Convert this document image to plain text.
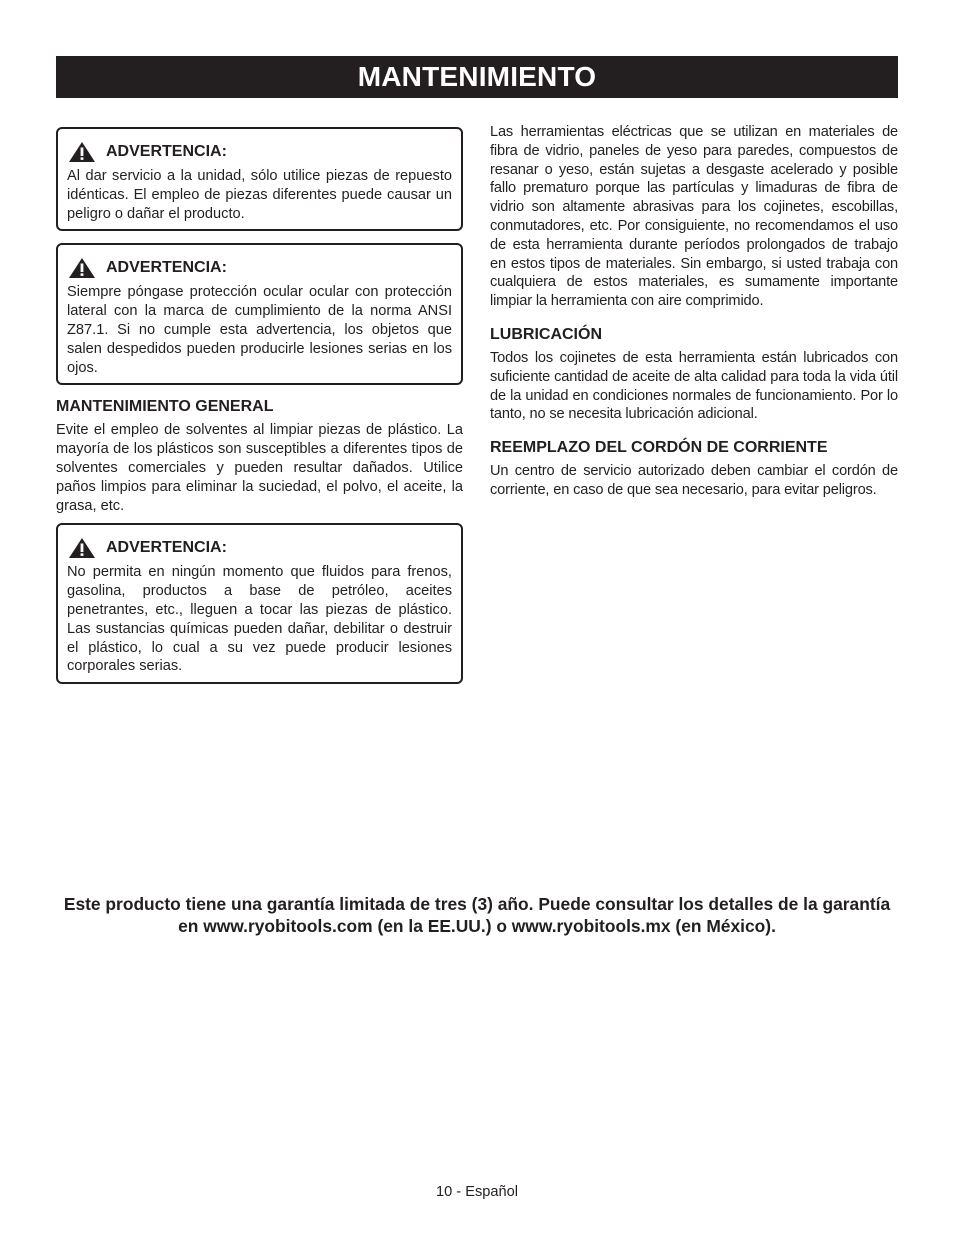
MANTENIMIENTO
ADVERTENCIA:

Al dar servicio a la unidad, sólo utilice piezas de repuesto idénticas. El empleo de piezas diferentes puede causar un peligro o dañar el producto.

ADVERTENCIA:

Siempre póngase protección ocular ocular con protección lateral con la marca de cumplimiento de la norma ANSI Z87.1. Si no cumple esta advertencia, los objetos que salen despedidos pueden producirle lesiones serias en los ojos.

MANTENIMIENTO GENERAL

Evite el empleo de solventes al limpiar piezas de plástico. La mayoría de los plásticos son susceptibles a diferentes tipos de solventes comerciales y pueden resultar dañados. Utilice paños limpios para eliminar la suciedad, el polvo, el aceite, la grasa, etc.

ADVERTENCIA:

No permita en ningún momento que fluidos para frenos, gasolina, productos a base de petróleo, aceites penetrantes, etc., lleguen a tocar las piezas de plástico. Las sustancias químicas pueden dañar, debilitar o destruir el plástico, lo cual a su vez puede producir lesiones corporales serias.

Las herramientas eléctricas que se utilizan en materiales de fibra de vidrio, paneles de yeso para paredes, compuestos de resanar o yeso, están sujetas a desgaste acelerado y posible fallo prematuro porque las partículas y limaduras de fibra de vidrio son altamente abrasivas para los cojinetes, escobillas, conmutadores, etc. Por consiguiente, no recomendamos el uso de esta herramienta durante períodos prolongados de trabajo en estos tipos de materiales. Sin embargo, si usted trabaja con cualquiera de estos materiales, es sumamente importante limpiar la herramienta con aire comprimido.

LUBRICACIÓN

Todos los cojinetes de esta herramienta están lubricados con suficiente cantidad de aceite de alta calidad para toda la vida útil de la unidad en condiciones normales de funcionamiento. Por lo tanto, no se necesita lubricación adicional.

REEMPLAZO DEL CORDÓN DE CORRIENTE

Un centro de servicio autorizado deben cambiar el cordón de corriente, en caso de que sea necesario, para evitar peligros.

Este producto tiene una garantía limitada de tres (3) año. Puede consultar los detalles de la garantía en www.ryobitools.com (en la EE.UU.) o www.ryobitools.mx (en México).
10 - Español
